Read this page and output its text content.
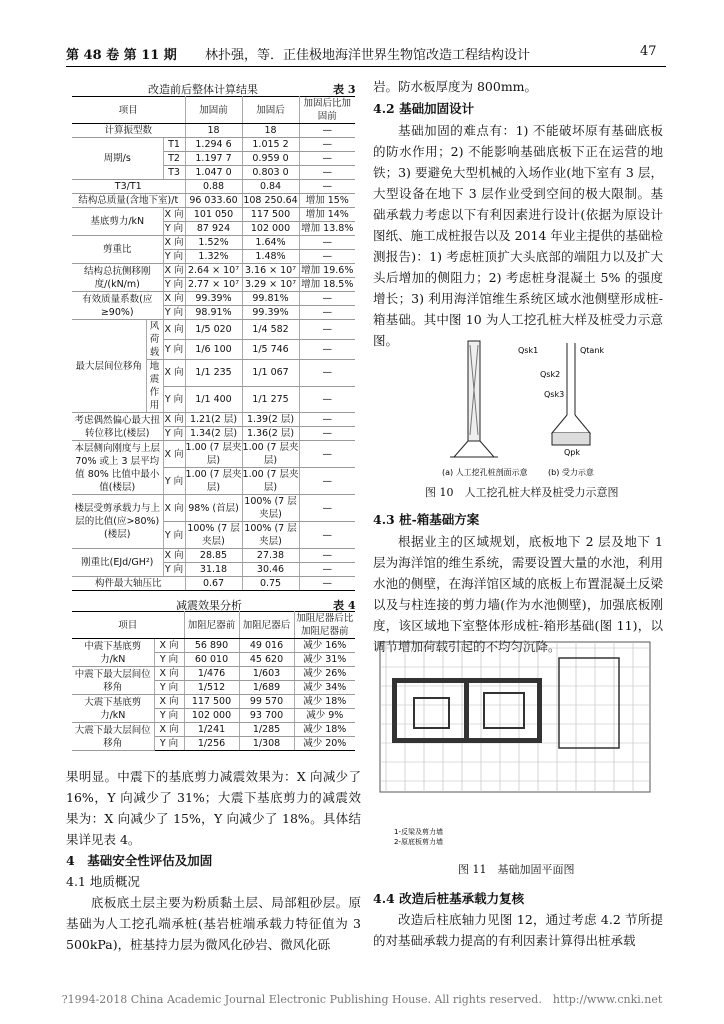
第 48 卷 第 11 期 林扑强，等．正佳极地海洋世界生物馆改造工程结构设计	47
改造前后整体计算结果	表 3
项目			加固前	加固后	加固后比加固前
计算振型数			18	18	—
周期/s		T1	1.294 6	1.015 2	—
		T2	1.197 7	0.959 0	—
		T3	1.047 0	0.803 0	—
T3/T1			0.88	0.84	—
结构总质量(含地下室)/t			96 033.60	108 250.64	增加 15%
基底剪力/kN		X 向	101 050	117 500	增加 14%
		Y 向	87 924	102 000	增加 13.8%
剪重比		X 向	1.52%	1.64%	—
		Y 向	1.32%	1.48%	—
结构总抗侧移刚度/(kN/m)		X 向	2.64 × 10⁷	3.16 × 10⁷	增加 19.6%
		Y 向	2.77 × 10⁷	3.29 × 10⁷	增加 18.5%
有效质量系数(应≥90%)		X 向	99.39%	99.81%	—
		Y 向	98.91%	99.39%	—
最大层间位移角	风荷载	X 向	1/5 020	1/4 582	—
		Y 向	1/6 100	1/5 746	—
	地震作用	X 向	1/1 235	1/1 067	—
		Y 向	1/1 400	1/1 275	—
考虑偶然偏心最大扭转位移比(楼层)		X 向	1.21(2 层)	1.39(2 层)	—
		Y 向	1.34(2 层)	1.36(2 层)	—
本层侧向刚度与上层 70% 或上 3 层平均值 80% 比值中最小值(楼层)		X 向	1.00 (7 层夹层)	1.00 (7 层夹层)	—
		Y 向	1.00 (7 层夹层)	1.00 (7 层夹层)	—
楼层受剪承载力与上层的比值(应>80%)(楼层)		X 向	98% (首层)	100% (7 层夹层)	—
		Y 向	100% (7 层夹层)	100% (7 层夹层)	—
刚重比(EJd/GH²)		X 向	28.85	27.38	—
		Y 向	31.18	30.46	—
构件最大轴压比			0.67	0.75	—
减震效果分析	表 4
项目		加阻尼器前	加阻尼器后	加阻尼器后比加阻尼器前
中震下基底剪力/kN	X 向	56 890	49 016	减少 16%
	Y 向	60 010	45 620	减少 31%
中震下最大层间位移角	X 向	1/476	1/603	减少 26%
	Y 向	1/512	1/689	减少 34%
大震下基底剪力/kN	X 向	117 500	99 570	减少 18%
	Y 向	102 000	93 700	减少 9%
大震下最大层间位移角	X 向	1/241	1/285	减少 18%
	Y 向	1/256	1/308	减少 20%
果明显。中震下的基底剪力减震效果为：X 向减少了 16%，Y 向减少了 31%；大震下基底剪力的减震效果为：X 向减少了 15%，Y 向减少了 18%。具体结果详见表 4。
4　基础安全性评估及加固
4.1 地质概况
底板底土层主要为粉质黏土层、局部粗砂层。原基础为人工挖孔端承桩(基岩桩端承载力特征值为 3 500kPa)，桩基持力层为微风化砂岩、微风化砾
岩。防水板厚度为 800mm。
4.2 基础加固设计
基础加固的难点有：1) 不能破坏原有基础底板的防水作用；2) 不能影响基础底板下正在运营的地铁；3) 要避免大型机械的入场作业(地下室有 3 层，大型设备在地下 3 层作业受到空间的极大限制。基础承载力考虑以下有利因素进行设计(依据为原设计图纸、施工成桩报告以及 2014 年业主提供的基础检测报告)：1) 考虑桩顶扩大头底部的端阻力以及扩大头后增加的侧阻力；2) 考虑桩身混凝土 5% 的强度增长；3) 利用海洋馆维生系统区域水池侧壁形成桩-箱基础。其中图 10 为人工挖孔桩大样及桩受力示意图。
Qsk1	Qtank
Qsk2
Qsk3
Qpk
(a) 人工挖孔桩剖面示意	(b) 受力示意
图 10　人工挖孔桩大样及桩受力示意图
4.3 桩-箱基础方案
根据业主的区域规划，底板地下 2 层及地下 1 层为海洋馆的维生系统，需要设置大量的水池，利用水池的侧壁，在海洋馆区域的底板上布置混凝土反梁以及与柱连接的剪力墙(作为水池侧壁)，加强底板刚度，该区域地下室整体形成桩-箱形基础(图 11)，以调节增加荷载引起的不均匀沉降。
1-反梁及剪力墙
2-原底板剪力墙
图 11　基础加固平面图
4.4 改造后桩基承载力复核
改造后柱底轴力见图 12，通过考虑 4.2 节所提的对基础承载力提高的有利因素计算得出桩承载
?1994-2018 China Academic Journal Electronic Publishing House. All rights reserved.　http://www.cnki.net
